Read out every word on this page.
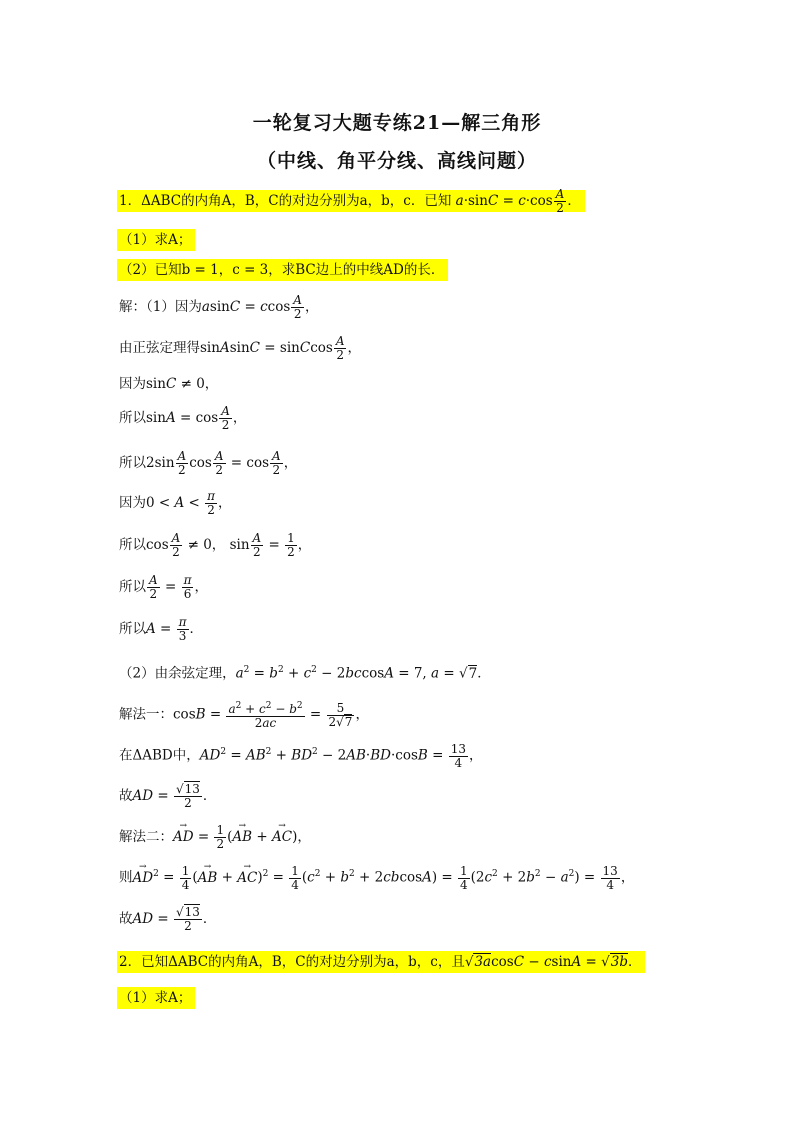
一轮复习大题专练21—解三角形
（中线、角平分线、高线问题）
1．ΔABC的内角A，B，C的对边分别为a，b，c．已知 $a\cdot\sin C = c\cdot\cos \frac{A}{2}$ ．
（1）求A；
（2）已知b = 1，c = 3，求BC边上的中线AD的长．
解：（1）因为asinC = ccos $\frac{A}{2}$ ，
由正弦定理得sinAsinC = sinCcos $\frac{A}{2}$ ，
因为sinC ≠ 0，
所以$\sin A = \cos \frac{A}{2}$ ，
所以$2\sin \frac{A}{2}$ $\cos \frac{A}{2} = \cos \frac{A}{2}$ ，
因为$0 < A < \frac{\pi}{2}$ ，
所以$\cos \frac{A}{2} \ne 0$， $\sin \frac{A}{2} = \frac{1}{2}$ ，
所以 $\frac{A}{2} = \frac{\pi}{6}$ ，
所以$A = \frac{\pi}{3}$ ．
（2）由余弦定理，$a^2 = b^2 + c^2 - 2bccosA = 7$, a = √7．
解法一：$\cos B = \frac{a^2 + c^2 - b^2}{2ac} = \frac{5}{2√7}$ ，
在ΔABD中，$AD^2 = AB^2 + BD^2 - 2AB\cdot BD\cdot\cos B = \frac{13}{4}$ ，
故AD = $\frac{√13}{2}$ ．
解法二：→ AD = $\frac{1}{2}$ (→ AB + → AC)，
则→ $AD^2 = \frac{1}{4}$ (→ AB + → $AC)^2 = \frac{1}{4} (c^2 + b^2 + 2cbcosA) = \frac{1}{4} (2c^2 + 2b^2 - a^2) = \frac{13}{4}$ ，
故AD = $\frac{√13}{2}$ ．
2．已知ΔABC的内角A，B，C的对边分别为a，b，c，且√3acosC − csinA = √3b．
（1）求A；
